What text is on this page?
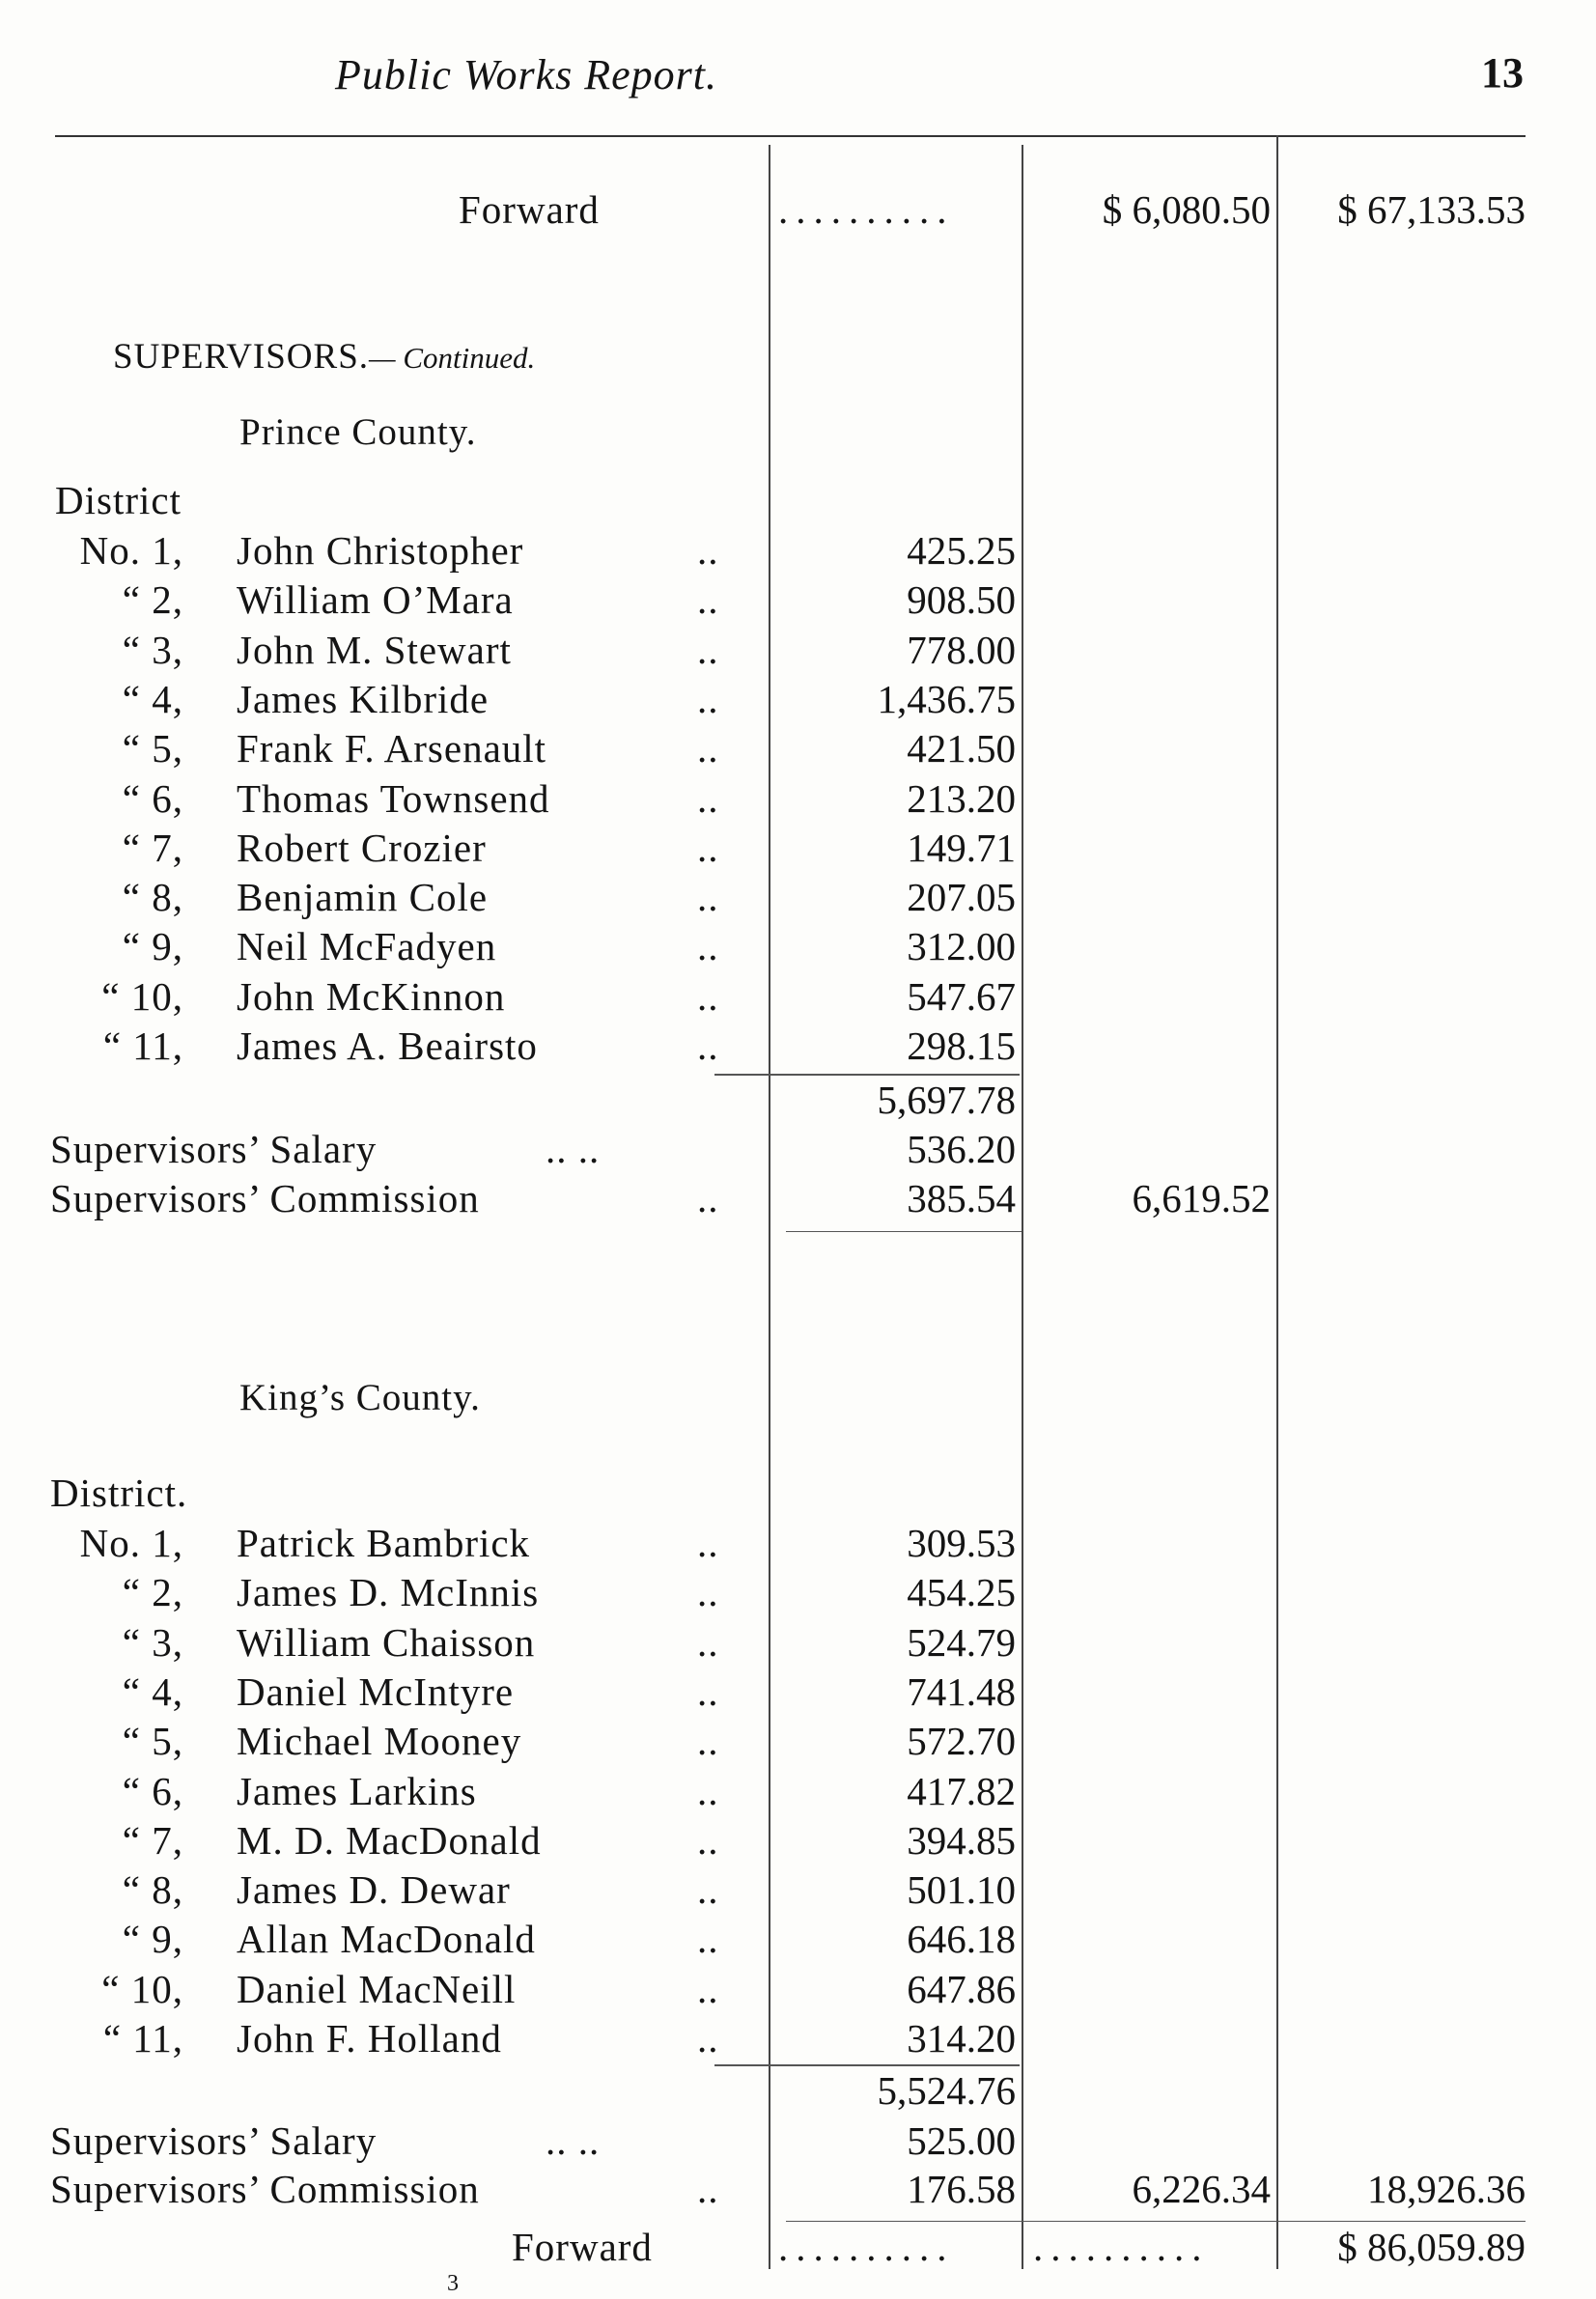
Public Works Report.	13
Forward	..........	$ 6,080.50	$ 67,133.53
SUPERVISORS.— Continued.
Prince County.
District
No. 1, John Christopher	..	425.25
“ 2, William O’Mara	..	908.50
“ 3, John M. Stewart	..	778.00
“ 4, James Kilbride	..	1,436.75
“ 5, Frank F. Arsenault	..	421.50
“ 6, Thomas Townsend	..	213.20
“ 7, Robert Crozier	..	149.71
“ 8, Benjamin Cole	..	207.05
“ 9, Neil McFadyen	..	312.00
“ 10, John McKinnon	..	547.67
“ 11, James A. Beairsto	..	298.15
5,697.78
Supervisors’ Salary	.. ..	536.20
Supervisors’ Commission	..	385.54	6,619.52
King’s County.
District.
No. 1, Patrick Bambrick	..	309.53
“ 2, James D. McInnis	..	454.25
“ 3, William Chaisson	..	524.79
“ 4, Daniel McIntyre	..	741.48
“ 5, Michael Mooney	..	572.70
“ 6, James Larkins	..	417.82
“ 7, M. D. MacDonald	..	394.85
“ 8, James D. Dewar	..	501.10
“ 9, Allan MacDonald	..	646.18
“ 10, Daniel MacNeill	..	647.86
“ 11, John F. Holland	..	314.20
5,524.76
Supervisors’ Salary	.. ..	525.00
Supervisors’ Commission	..	176.58	6,226.34	18,926.36
Forward	.......... ..........	$ 86,059.89
3
